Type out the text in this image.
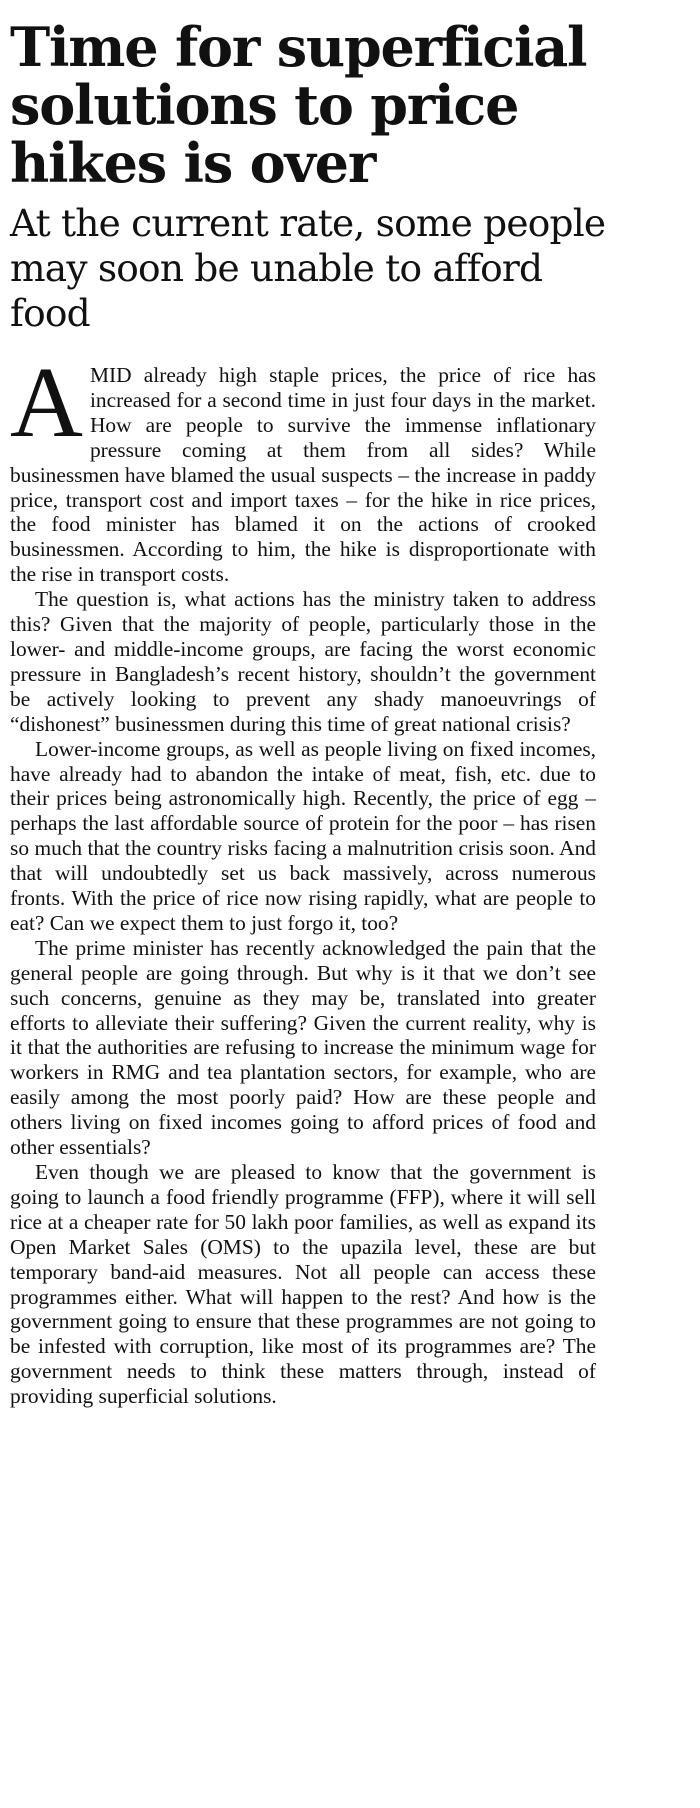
Time for superficial solutions to price hikes is over
At the current rate, some people may soon be unable to afford food

AMID already high staple prices, the price of rice has increased for a second time in just four days in the market. How are people to survive the immense inflationary pressure coming at them from all sides? While businessmen have blamed the usual suspects – the increase in paddy price, transport cost and import taxes – for the hike in rice prices, the food minister has blamed it on the actions of crooked businessmen. According to him, the hike is disproportionate with the rise in transport costs.

The question is, what actions has the ministry taken to address this? Given that the majority of people, particularly those in the lower- and middle-income groups, are facing the worst economic pressure in Bangladesh’s recent history, shouldn’t the government be actively looking to prevent any shady manoeuvrings of “dishonest” businessmen during this time of great national crisis?

Lower-income groups, as well as people living on fixed incomes, have already had to abandon the intake of meat, fish, etc. due to their prices being astronomically high. Recently, the price of egg – perhaps the last affordable source of protein for the poor – has risen so much that the country risks facing a malnutrition crisis soon. And that will undoubtedly set us back massively, across numerous fronts. With the price of rice now rising rapidly, what are people to eat? Can we expect them to just forgo it, too?

The prime minister has recently acknowledged the pain that the general people are going through. But why is it that we don’t see such concerns, genuine as they may be, translated into greater efforts to alleviate their suffering? Given the current reality, why is it that the authorities are refusing to increase the minimum wage for workers in RMG and tea plantation sectors, for example, who are easily among the most poorly paid? How are these people and others living on fixed incomes going to afford prices of food and other essentials?

Even though we are pleased to know that the government is going to launch a food friendly programme (FFP), where it will sell rice at a cheaper rate for 50 lakh poor families, as well as expand its Open Market Sales (OMS) to the upazila level, these are but temporary band-aid measures. Not all people can access these programmes either. What will happen to the rest? And how is the government going to ensure that these programmes are not going to be infested with corruption, like most of its programmes are? The government needs to think these matters through, instead of providing superficial solutions.
